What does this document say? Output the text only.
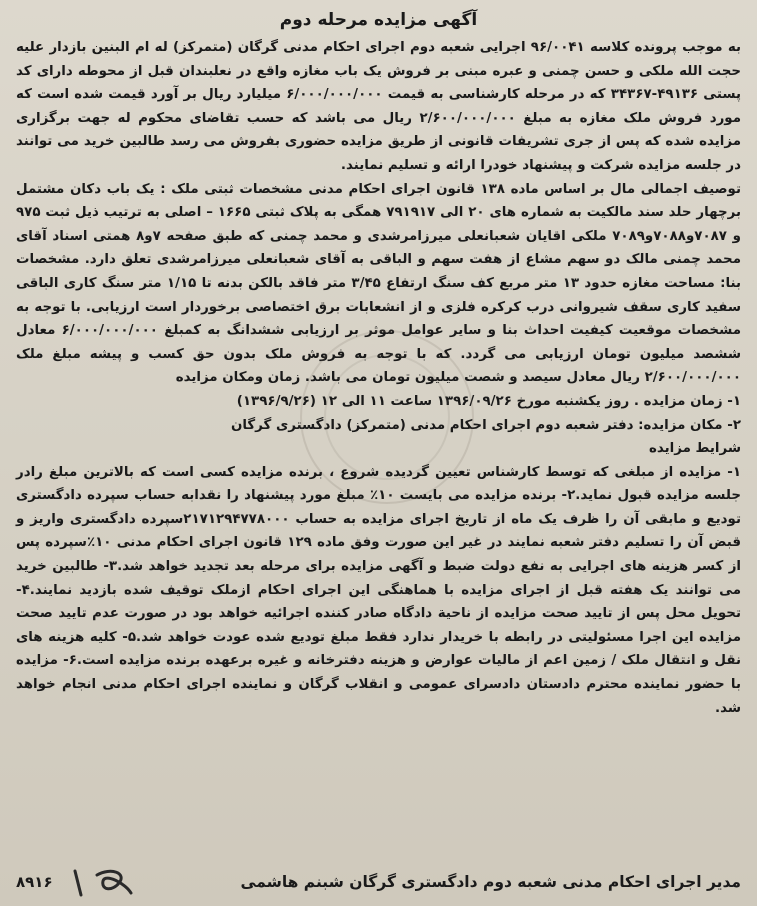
آگهی مزایده مرحله دوم

به موجب پرونده کلاسه ۹۶/۰۰۴۱ اجرایی شعبه دوم اجرای احکام مدنی گرگان (متمرکز) له ام البنین بازدار علیه حجت الله ملکی و حسن چمنی و عبره مبنی بر فروش یک باب مغازه واقع در نعلبندان قبل از محوطه دارای کد پستی ۴۹۱۳۶-۳۴۳۶۷ که در مرحله کارشناسی به قیمت ۶/۰۰۰/۰۰۰/۰۰۰ میلیارد ریال بر آورد قیمت شده است که مورد فروش ملک مغازه به مبلغ ۲/۶۰۰/۰۰۰/۰۰۰ ریال می باشد که حسب تقاضای محکوم له جهت برگزاری مزایده شده که پس از جری تشریفات قانونی از طریق مزایده حضوری بفروش می رسد طالبین خرید می توانند در جلسه مزایده شرکت و پیشنهاد خودرا ارائه و تسلیم نمایند.

توصیف اجمالی مال بر اساس ماده ۱۳۸ قانون اجرای احکام مدنی مشخصات ثبتی ملک : یک باب دکان مشتمل برچهار حلد سند مالکیت به شماره های ۲۰ الی ۷۹۱۹۱۷ همگی به پلاک ثبتی ۱۶۶۵ – اصلی به ترتیب ذیل ثبت ۹۷۵ و ۷۰۸۷و۷۰۸۸و۷۰۸۹ ملکی اقایان شعبانعلی میرزامرشدی و محمد چمنی که طبق صفحه ۷و۸ همتی اسناد آقای محمد چمنی مالک دو سهم مشاع از هفت سهم و الباقی به آقای شعبانعلی میرزامرشدی تعلق دارد. مشخصات بنا: مساحت مغازه حدود ۱۳ متر مربع کف سنگ ارتفاع ۳/۴۵ متر فاقد بالکن بدنه تا ۱/۱۵ متر سنگ کاری الباقی سفید کاری سقف شیروانی درب کرکره فلزی و از انشعابات برق اختصاصی برخوردار است ارزیابی. با توجه به مشخصات موقعیت کیفیت احداث بنا و سایر عوامل موثر بر ارزیابی ششدانگ به کمبلغ ۶/۰۰۰/۰۰۰/۰۰۰ معادل ششصد میلیون تومان ارزیابی می گردد. که با توجه به فروش ملک بدون حق کسب و پیشه مبلغ ملک ۲/۶۰۰/۰۰۰/۰۰۰ ریال معادل سیصد و شصت میلیون تومان می باشد. زمان ومکان مزایده

۱- زمان مزایده . روز یکشنبه مورخ ۱۳۹۶/۰۹/۲۶ ساعت ۱۱ الی ۱۲ (۱۳۹۶/۹/۲۶)

۲- مکان مزایده: دفتر شعبه دوم اجرای احکام مدنی (متمرکز) دادگستری گرگان

شرایط مزایده

۱- مزایده از مبلغی که توسط کارشناس تعیین گردیده شروع ، برنده مزایده کسی است که بالاترین مبلغ رادر جلسه مزایده قبول نماید.۲- برنده مزایده می بایست ۱۰٪ مبلغ مورد پیشنهاد را نقدابه حساب سپرده دادگستری تودیع و مابقی آن را ظرف یک ماه از تاریخ اجرای مزایده به حساب ۲۱۷۱۲۹۴۷۷۸۰۰۰سپرده دادگستری واریز و قبض آن را تسلیم دفتر شعبه نمایند در غیر این صورت وفق ماده ۱۲۹ قانون اجرای احکام مدنی ۱۰٪سپرده پس از کسر هزینه های اجرایی به نفع دولت ضبط و آگهی مزایده برای مرحله بعد تجدید خواهد شد.۳- طالبین خرید می توانند یک هفته قبل از اجرای مزایده با هماهنگی این اجرای احکام ازملک توقیف شده بازدید نمایند.۴- تحویل محل پس از تایید صحت مزایده از ناحیة دادگاه صادر کننده اجرائیه خواهد بود در صورت عدم تایید صحت مزایده این اجرا مسئولیتی در رابطه با خریدار ندارد فقط مبلغ تودیع شده عودت خواهد شد.۵- کلیه هزینه های نقل و انتقال ملک / زمین اعم از مالیات عوارض و هزینه دفترخانه و غیره برعهده برنده مزایده است.۶- مزایده با حضور نماینده محترم دادستان دادسرای عمومی و انقلاب گرگان و نماینده اجرای احکام مدنی انجام خواهد شد.

۸۹۱۶	مدیر اجرای احکام مدنی شعبه دوم دادگستری گرگان شبنم هاشمی
